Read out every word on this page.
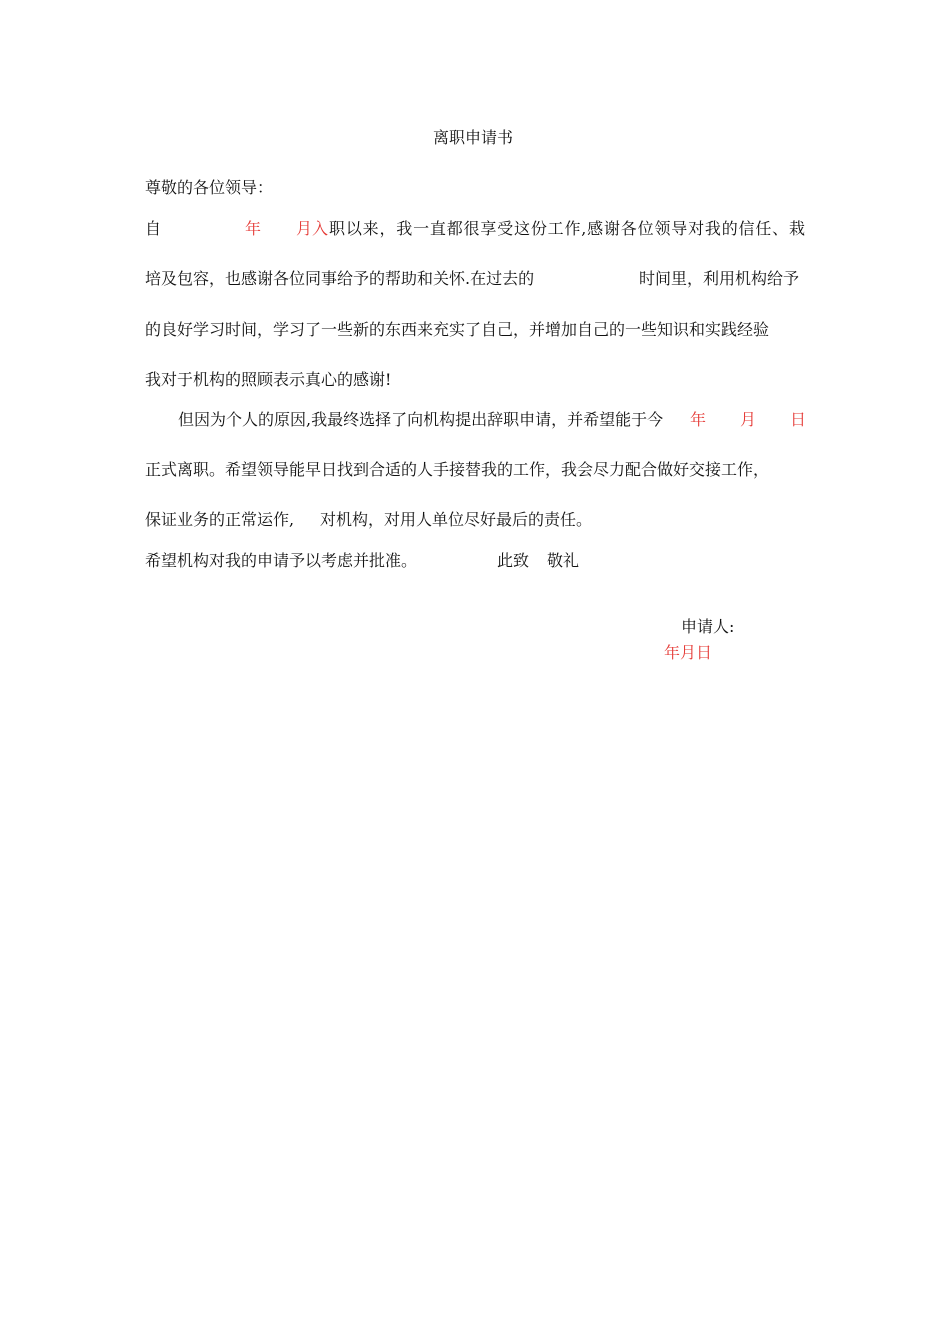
离职申请书
尊敬的各位领导：
自	年 月入 职以来，我一直都很享受这份工作,感谢各位领导对我的信任、栽
培及包容，也感谢各位同事给予的帮助和关怀.在过去的	时间里，利用机构给予
的良好学习时间，学习了一些新的东西来充实了自己，并增加自己的一些知识和实践经验
我对于机构的照顾表示真心的感谢!
但因为个人的原因,我最终选择了向机构提出辞职申请，并希望能于今 年 月 日
正式离职。希望领导能早日找到合适的人手接替我的工作，我会尽力配合做好交接工作，
保证业务的正常运作, 对机构，对用人单位尽好最后的责任。
希望机构对我的申请予以考虑并批准。	此致 敬礼
申请人:
年月日
